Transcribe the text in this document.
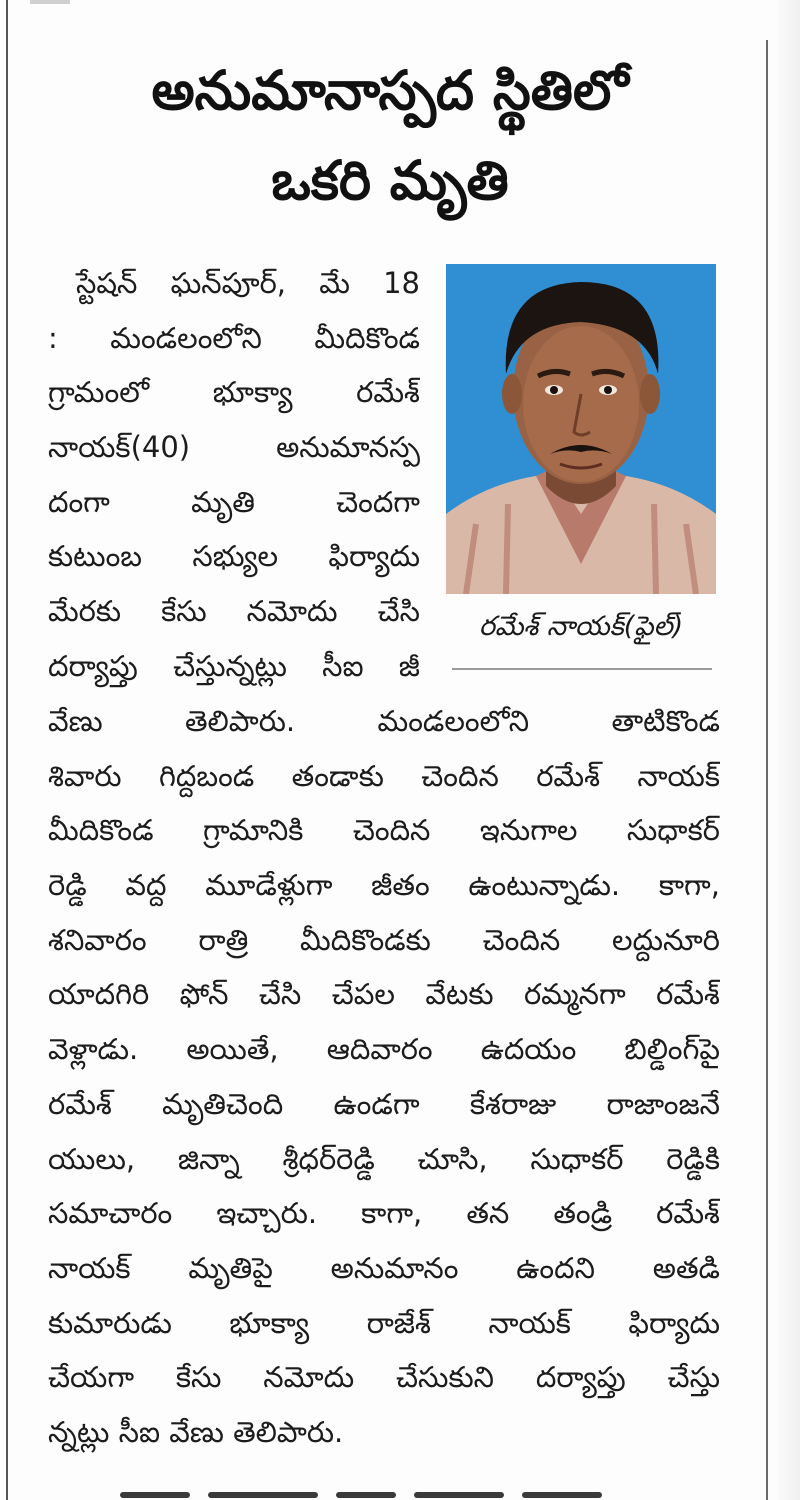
అనుమానాస్పద స్థితిలో
ఒకరి మృతి
స్టేషన్ ఘన్‌పూర్, మే 18
: మండలంలోని మీదికొండ
గ్రామంలో భూక్యా రమేశ్
నాయక్(40) అనుమానస్ప
దంగా మృతి చెందగా
కుటుంబ సభ్యుల ఫిర్యాదు
మేరకు కేసు నమోదు చేసి
దర్యాప్తు చేస్తున్నట్లు సీఐ జీ
రమేశ్ నాయక్(ఫైల్)
వేణు తెలిపారు. మండలంలోని తాటికొండ
శివారు గిద్దబండ తండాకు చెందిన రమేశ్ నాయక్
మీదికొండ గ్రామానికి చెందిన ఇనుగాల సుధాకర్
రెడ్డి వద్ద మూడేళ్లుగా జీతం ఉంటున్నాడు. కాగా,
శనివారం రాత్రి మీదికొండకు చెందిన లద్దునూరి
యాదగిరి ఫోన్ చేసి చేపల వేటకు రమ్మనగా రమేశ్
వెళ్లాడు. అయితే, ఆదివారం ఉదయం బిల్డింగ్‌పై
రమేశ్ మృతిచెంది ఉండగా కేశరాజు రాజాంజనే
యులు, జిన్నా శ్రీధర్‌రెడ్డి చూసి, సుధాకర్ రెడ్డికి
సమాచారం ఇచ్చారు. కాగా, తన తండ్రి రమేశ్
నాయక్ మృతిపై అనుమానం ఉందని అతడి
కుమారుడు భూక్యా రాజేశ్ నాయక్ ఫిర్యాదు
చేయగా కేసు నమోదు చేసుకుని దర్యాప్తు చేస్తు
న్నట్లు సీఐ వేణు తెలిపారు.
